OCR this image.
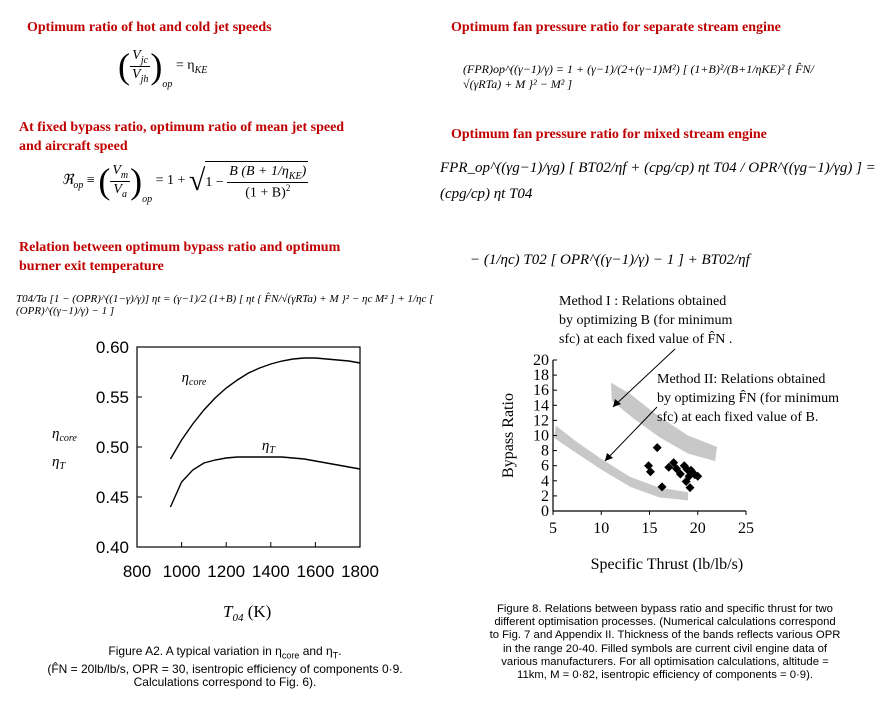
Optimum ratio of hot and cold jet speeds
At fixed bypass ratio, optimum ratio of mean jet speed
and aircraft speed
Relation between optimum bypass ratio and optimum
burner exit temperature
Optimum fan pressure ratio for separate stream engine
Optimum fan pressure ratio for mixed stream engine
( $\frac{V_{jc}}{V_{jh}} )_{op} = \eta_{KE}$
ℜ$_{op}$ ≡ ( $\frac{V_m}{V_a} )_{op} = 1 + √1 - \frac{B (B + 1/\eta_{KE})}{(1 + B)^2}$
T04/Ta [1 − (OPR)^((1−γ)/γ)] ηt = (γ−1)/2 (1+B) [ ηt { F̂N/√(γRTa) + M }² − ηc M² ] + 1/ηc [ (OPR)^((γ−1)/γ) − 1 ]
(FPR)op^((γ−1)/γ) = 1 + (γ−1)/(2+(γ−1)M²) [ (1+B)²/(B+1/ηKE)² { F̂N/√(γRTa) + M }² − M² ]
FPR_op^((γg−1)/γg) [ BT02/ηf + (cpg/cp) ηt T04 / OPR^((γg−1)/γg) ] = (cpg/cp) ηt T04
− (1/ηc) T02 [ OPR^((γ−1)/γ) − 1 ] + BT02/ηf
800 1000 1200 1400 1600 1800
0.40
0.45
0.50
0.55
0.60
$\eta_{core}$
$\eta_T$
$\eta_{core}$
$\eta_T$
$T_{04}$ (K)
Figure A2. A typical variation in $\eta_{core}$ and $\eta_T$.
(F̂N = 20lb/lb/s, OPR = 30, isentropic efficiency of components 0·9.
Calculations correspond to Fig. 6).
5 10 15 20 25
0
2
4
6
8
10
12
14
16
18
20
Specific Thrust (lb/lb/s)
Bypass Ratio
Method I : Relations obtained
by optimizing B (for minimum
sfc) at each fixed value of F̂N .
Method II: Relations obtained
by optimizing F̂N (for minimum
sfc) at each fixed value of B.
Figure 8. Relations between bypass ratio and specific thrust for two
different optimisation processes. (Numerical calculations correspond
to Fig. 7 and Appendix II. Thickness of the bands reflects various OPR
in the range 20-40. Filled symbols are current civil engine data of
various manufacturers. For all optimisation calculations, altitude =
11km, M = 0·82, isentropic efficiency of components = 0·9).
